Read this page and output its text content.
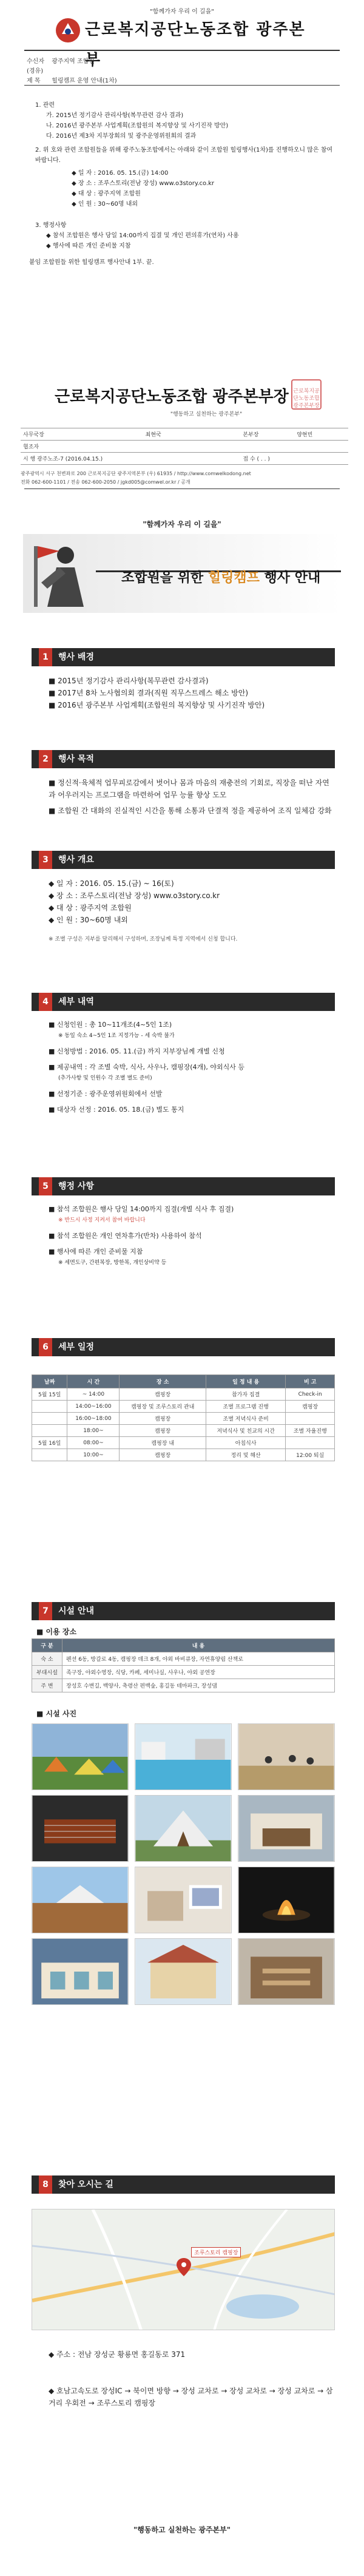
"함께가자 우리 이 길을"
근로복지공단노동조합 광주본부
수신자 광주지역 조합원
(경유)
제 목 힐링캠프 운영 안내(1차)
1. 관련
가. 2015년 정기감사 관리사항(복무관련 감사 결과)
나. 2016년 광주본부 사업계획(조합원의 복지향상 및 사기진작 방안)
다. 2016년 제3차 지부장회의 및 광주운영위원회의 결과
2. 위 호와 관련 조합원들을 위해 광주노동조합에서는 아래와 같이 조합원 힐링행사(1차)를 진행하오니 많은 참여 바랍니다.
◆ 일 자 : 2016. 05. 15.(금) 14:00
◆ 장 소 : 조루스토리(전남 장성) www.o3story.co.kr
◆ 대 상 : 광주지역 조합원
◆ 인 원 : 30~60명 내외
3. 행정사항
◆ 참석 조합원은 행사 당일 14:00까지 집결 및 개인 편의휴가(연차) 사용
◆ 행사에 따른 개인 준비물 지참
붙임 조합원들 위한 힐링캠프 행사안내 1부. 끝.
근로복지공단노동조합 광주본부장 근로복지공단노동조합광주본부장
"행동하고 실천하는 광주본부"
사무국장	최현국	본부장	양현빈
협조자			
시 행 광주노조-7 (2016.04.15.)		접 수 ( . . )	
광주광역시 서구 천변좌로 200 근로복지공단 광주지역본부 (우) 61935 / http://www.comwelkodong.net
전화 062-600-1101 / 전송 062-600-2050 / jgkd005@comwel.or.kr / 공개
"함께가자 우리 이 길을"
조합원을 위한 힐링캠프 행사 안내
1	행사 배경
■ 2015년 정기감사 관리사항(복무관련 감사결과)
■ 2017년 8차 노사협의회 결과(직원 직무스트레스 해소 방안)
■ 2016년 광주본부 사업계획(조합원의 복지향상 및 사기진작 방안)
2	행사 목적
■ 정신적·육체적 업무피로감에서 벗어나 몸과 마음의 재충전의 기회로, 직장을 떠난 자연과 어우러지는 프로그램을 마련하여 업무 능률 향상 도모
■ 조합원 간 대화의 진실적인 시간을 통해 소통과 단결적 정을 제공하여 조직 일체감 강화
3	행사 개요
◆ 일 자 : 2016. 05. 15.(금) ~ 16(토)
◆ 장 소 : 조루스토리(전남 장성) www.o3story.co.kr
◆ 대 상 : 광주지역 조합원
◆ 인 원 : 30~60명 내외
※ 조별 구성은 지부를 달리해서 구성하며, 조장님께 특정 지역에서 신청 합니다.
4	세부 내역
■ 신청인원 : 총 10~11개조(4~5인 1조)
※ 동일 숙소 4~5인 1조 지정가능 - 세 숙박 불가
■ 신청방법 : 2016. 05. 11.(금) 까지 지부장님께 개별 신청
■ 제공내역 : 각 조별 숙박, 식사, 사우나, 캠핑장(4개), 야외식사 등
(추가사항 및 인원수 각 조별 별도 준비)
■ 선정기준 : 광주운영위원회에서 선발
■ 대상자 선정 : 2016. 05. 18.(금) 별도 통지
5	행정 사항
■ 참석 조합원은 행사 당일 14:00까지 집결(개별 식사 후 집결)
※ 반드시 사정 지켜서 참여 바랍니다
■ 참석 조합원은 개인 연차휴가(반차) 사용하여 참석
■ 행사에 따른 개인 준비물 지참
※ 세면도구, 간편복장, 방한복, 개인상비약 등
6	세부 일정
날짜	시 간	장 소	일 정 내 용	비 고
5월 15일	~ 14:00	캠핑장	참가자 집결	Check-in
	14:00~16:00	캠핑장 및 조루스토리 관내	조별 프로그램 진행	캠핑장
	16:00~18:00	캠핑장	조별 저녁식사 준비	
	18:00~	캠핑장	저녁식사 및 친교의 시간	조별 자율진행
5월 16일	08:00~	캠핑장 내	아침식사	
	10:00~	캠핑장	정리 및 해산	12:00 퇴실
7	시설 안내
■ 이용 장소
구 분	내 용
숙 소	펜션 6동, 방갈로 4동, 캠핑장 데크 8개, 야외 바비큐장, 자연휴양림 산책로
부대시설	족구장, 야외수영장, 식당, 카페, 세미나실, 사우나, 야외 공연장
주 변	장성호 수변길, 백양사, 축령산 편백숲, 홍길동 테마파크, 장성댐
■ 시설 사진
8	찾아 오시는 길
조루스토리 캠핑장
◆ 주소 : 전남 장성군 황룡면 홍길동로 371
◆ 호남고속도로 장성IC → 북이면 방향 → 장성 교차로 → 장성 교차로 → 장성 교차로 → 삼거리 우회전 → 조루스토리 캠핑장
"행동하고 실천하는 광주본부"
